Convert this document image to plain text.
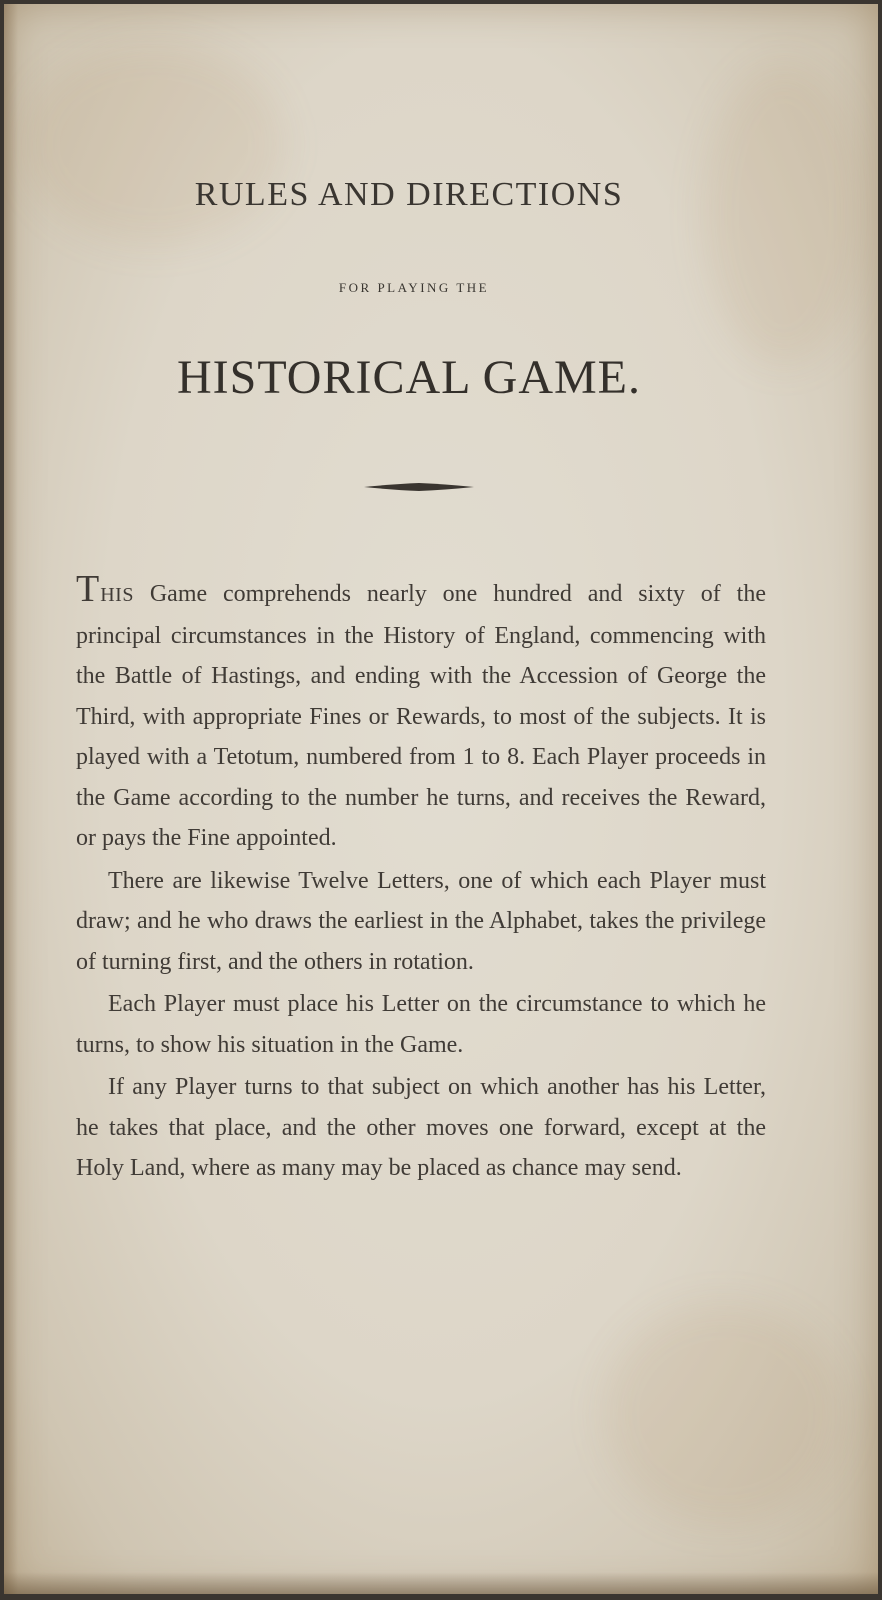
RULES AND DIRECTIONS
FOR PLAYING THE
HISTORICAL GAME.

THIS Game comprehends nearly one hundred and sixty of the principal circumstances in the History of England, commencing with the Battle of Hastings, and ending with the Accession of George the Third, with appropriate Fines or Rewards, to most of the subjects. It is played with a Tetotum, numbered from 1 to 8. Each Player proceeds in the Game according to the number he turns, and receives the Reward, or pays the Fine appointed.

There are likewise Twelve Letters, one of which each Player must draw; and he who draws the earliest in the Alphabet, takes the privilege of turning first, and the others in rotation.

Each Player must place his Letter on the circumstance to which he turns, to show his situation in the Game.

If any Player turns to that subject on which another has his Letter, he takes that place, and the other moves one forward, except at the Holy Land, where as many may be placed as chance may send.
